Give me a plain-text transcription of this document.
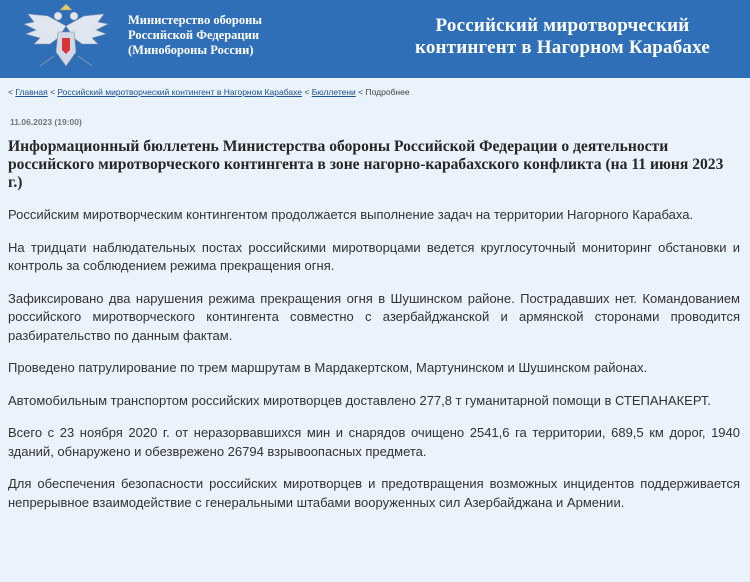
Министерство обороны
Российской Федерации
(Минобороны России)
Российский миротворческий
контингент в Нагорном Карабахе
< Главная < Российский миротворческий контингент в Нагорном Карабахе < Бюллетени < Подробнее
11.06.2023 (19:00)
Информационный бюллетень Министерства обороны Российской Федерации о деятельности российского миротворческого контингента в зоне нагорно-карабахского конфликта (на 11 июня 2023 г.)

Российским миротворческим контингентом продолжается выполнение задач на территории Нагорного Карабаха.

На тридцати наблюдательных постах российскими миротворцами ведется круглосуточный мониторинг обстановки и контроль за соблюдением режима прекращения огня.

Зафиксировано два нарушения режима прекращения огня в Шушинском районе. Пострадавших нет. Командованием российского миротворческого контингента совместно с азербайджанской и армянской сторонами проводится разбирательство по данным фактам.

Проведено патрулирование по трем маршрутам в Мардакертском, Мартунинском и Шушинском районах.

Автомобильным транспортом российских миротворцев доставлено 277,8 т гуманитарной помощи в СТЕПАНАКЕРТ.

Всего с 23 ноября 2020 г. от неразорвавшихся мин и снарядов очищено 2541,6 га территории, 689,5 км дорог, 1940 зданий, обнаружено и обезврежено 26794 взрывоопасных предмета.

Для обеспечения безопасности российских миротворцев и предотвращения возможных инцидентов поддерживается непрерывное взаимодействие с генеральными штабами вооруженных сил Азербайджана и Армении.
